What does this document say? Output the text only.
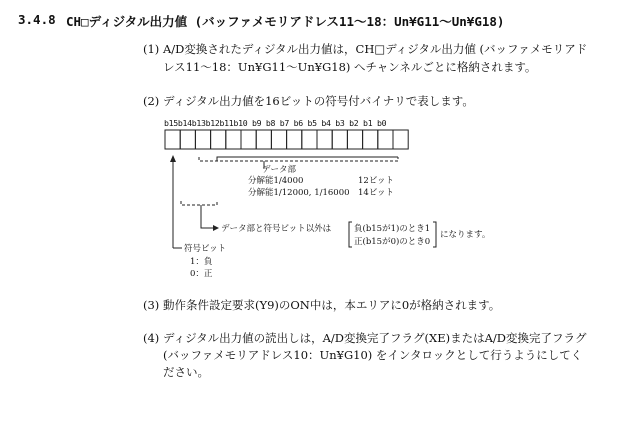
3.4.8 CH□ディジタル出力値 (バッファメモリアドレス11～18：Un¥G11～Un¥G18)
(1) A/D変換されたディジタル出力値は，CH□ディジタル出力値 (バッファメモリアド
レス11～18：Un¥G11～Un¥G18) へチャンネルごとに格納されます。
(2) ディジタル出力値を16ビットの符号付バイナリで表します。
b15b14b13b12b11b10 b9 b8 b7 b6 b5 b4 b3 b2 b1 b0
データ部
分解能1/4000	12ビット
分解能1/12000, 1/16000 14ビット
データ部と符号ビット以外は	負(b15が1)のとき1
正(b15が0)のとき0
になります。
符号ビット
1：負
0：正
(3) 動作条件設定要求(Y9)のON中は，本エリアに0が格納されます。
(4) ディジタル出力値の読出しは，A/D変換完了フラグ(XE)またはA/D変換完了フラグ
(バッファメモリアドレス10：Un¥G10) をインタロックとして行うようにしてく
ださい。
